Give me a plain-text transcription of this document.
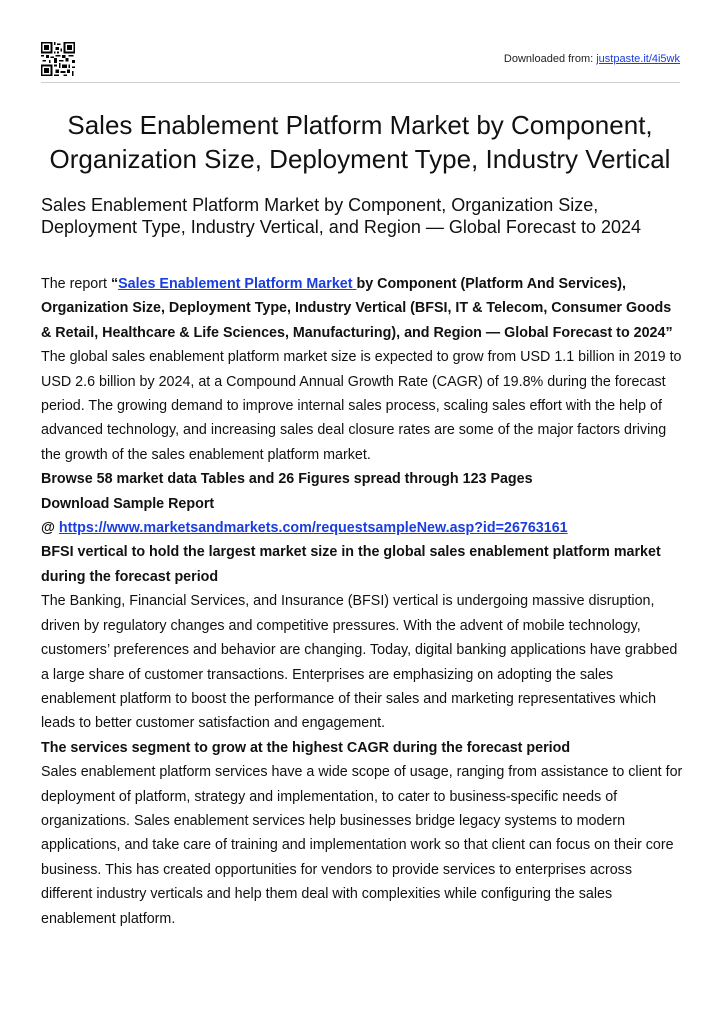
Downloaded from: justpaste.it/4i5wk
Sales Enablement Platform Market by Component, Organization Size, Deployment Type, Industry Vertical
Sales Enablement Platform Market by Component, Organization Size, Deployment Type, Industry Vertical, and Region — Global Forecast to 2024

The report “Sales Enablement Platform Market by Component (Platform And Services), Organization Size, Deployment Type, Industry Vertical (BFSI, IT & Telecom, Consumer Goods & Retail, Healthcare & Life Sciences, Manufacturing), and Region — Global Forecast to 2024” The global sales enablement platform market size is expected to grow from USD 1.1 billion in 2019 to USD 2.6 billion by 2024, at a Compound Annual Growth Rate (CAGR) of 19.8% during the forecast period. The growing demand to improve internal sales process, scaling sales effort with the help of advanced technology, and increasing sales deal closure rates are some of the major factors driving the growth of the sales enablement platform market.

Browse 58 market data Tables and 26 Figures spread through 123 Pages

Download Sample Report

@ https://www.marketsandmarkets.com/requestsampleNew.asp?id=26763161

BFSI vertical to hold the largest market size in the global sales enablement platform market during the forecast period

The Banking, Financial Services, and Insurance (BFSI) vertical is undergoing massive disruption, driven by regulatory changes and competitive pressures. With the advent of mobile technology, customers’ preferences and behavior are changing. Today, digital banking applications have grabbed a large share of customer transactions. Enterprises are emphasizing on adopting the sales enablement platform to boost the performance of their sales and marketing representatives which leads to better customer satisfaction and engagement.

The services segment to grow at the highest CAGR during the forecast period

Sales enablement platform services have a wide scope of usage, ranging from assistance to client for deployment of platform, strategy and implementation, to cater to business-specific needs of organizations. Sales enablement services help businesses bridge legacy systems to modern applications, and take care of training and implementation work so that client can focus on their core business. This has created opportunities for vendors to provide services to enterprises across different industry verticals and help them deal with complexities while configuring the sales enablement platform.
